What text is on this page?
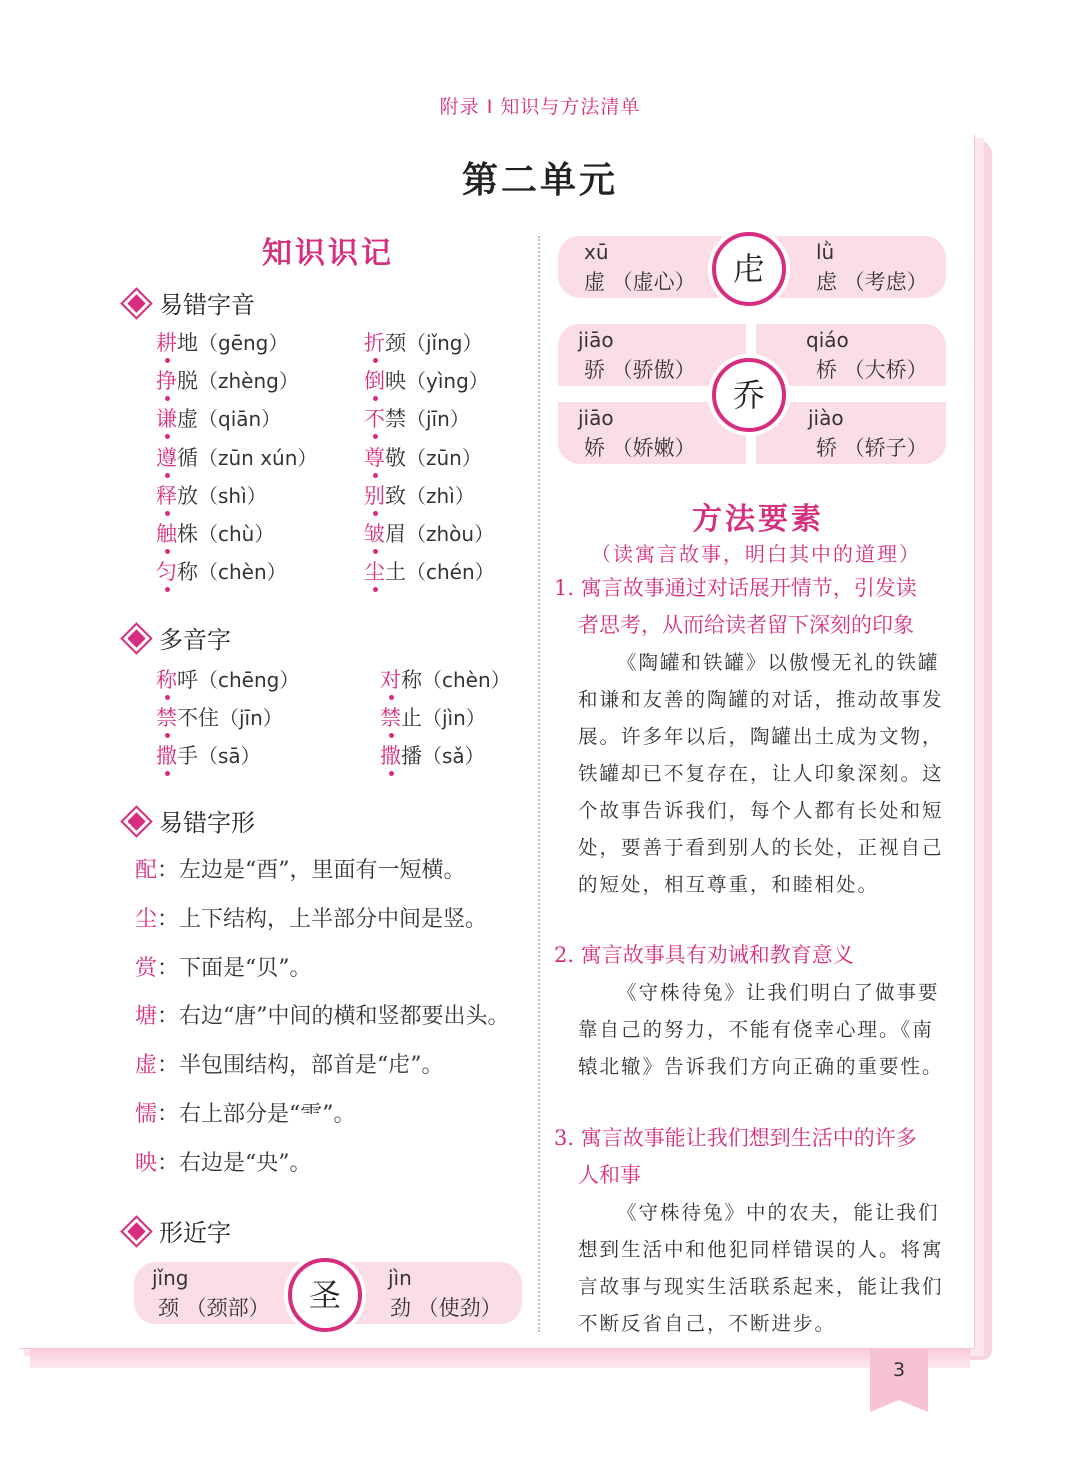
附录 I 知识与方法清单
第二单元
知识识记
易错字音
耕地（gēng）
挣脱（zhèng）
谦虚（qiān）
遵循（zūn xún）
释放（shì）
触株（chù）
匀称（chèn）
折颈（jǐng）
倒映（yìng）
不禁（jīn）
尊敬（zūn）
别致（zhì）
皱眉（zhòu）
尘土（chén）
多音字
称呼（chēng）
禁不住（jīn）
撒手（sā）
对称（chèn）
禁止（jìn）
撒播（sǎ）
易错字形
配：左边是“酉”，里面有一短横。
尘：上下结构，上半部分中间是竖。
赏：下面是“贝”。
塘：右边“唐”中间的横和竖都要出头。
虚：半包围结构，部首是“虍”。
懦：右上部分是“⻗”。
映：右边是“央”。
形近字
jǐng
颈 （颈部）
jìn
劲 （使劲）
圣
xū
虚 （虚心）
lǜ
虑 （考虑）
虍
jiāo
骄 （骄傲）
qiáo
桥 （大桥）
jiāo
娇 （娇嫩）
jiào
轿 （轿子）
乔
方法要素
（读寓言故事，明白其中的道理）
1. 寓言故事通过对话展开情节，引发读
者思考，从而给读者留下深刻的印象
《陶罐和铁罐》以傲慢无礼的铁罐和谦和友善的陶罐的对话，推动故事发展。许多年以后，陶罐出土成为文物，铁罐却已不复存在，让人印象深刻。这个故事告诉我们，每个人都有长处和短处，要善于看到别人的长处，正视自己的短处，相互尊重，和睦相处。
2. 寓言故事具有劝诫和教育意义
《守株待兔》让我们明白了做事要靠自己的努力，不能有侥幸心理。《南辕北辙》告诉我们方向正确的重要性。
3. 寓言故事能让我们想到生活中的许多
人和事
《守株待兔》中的农夫，能让我们想到生活中和他犯同样错误的人。将寓言故事与现实生活联系起来，能让我们不断反省自己，不断进步。
3
